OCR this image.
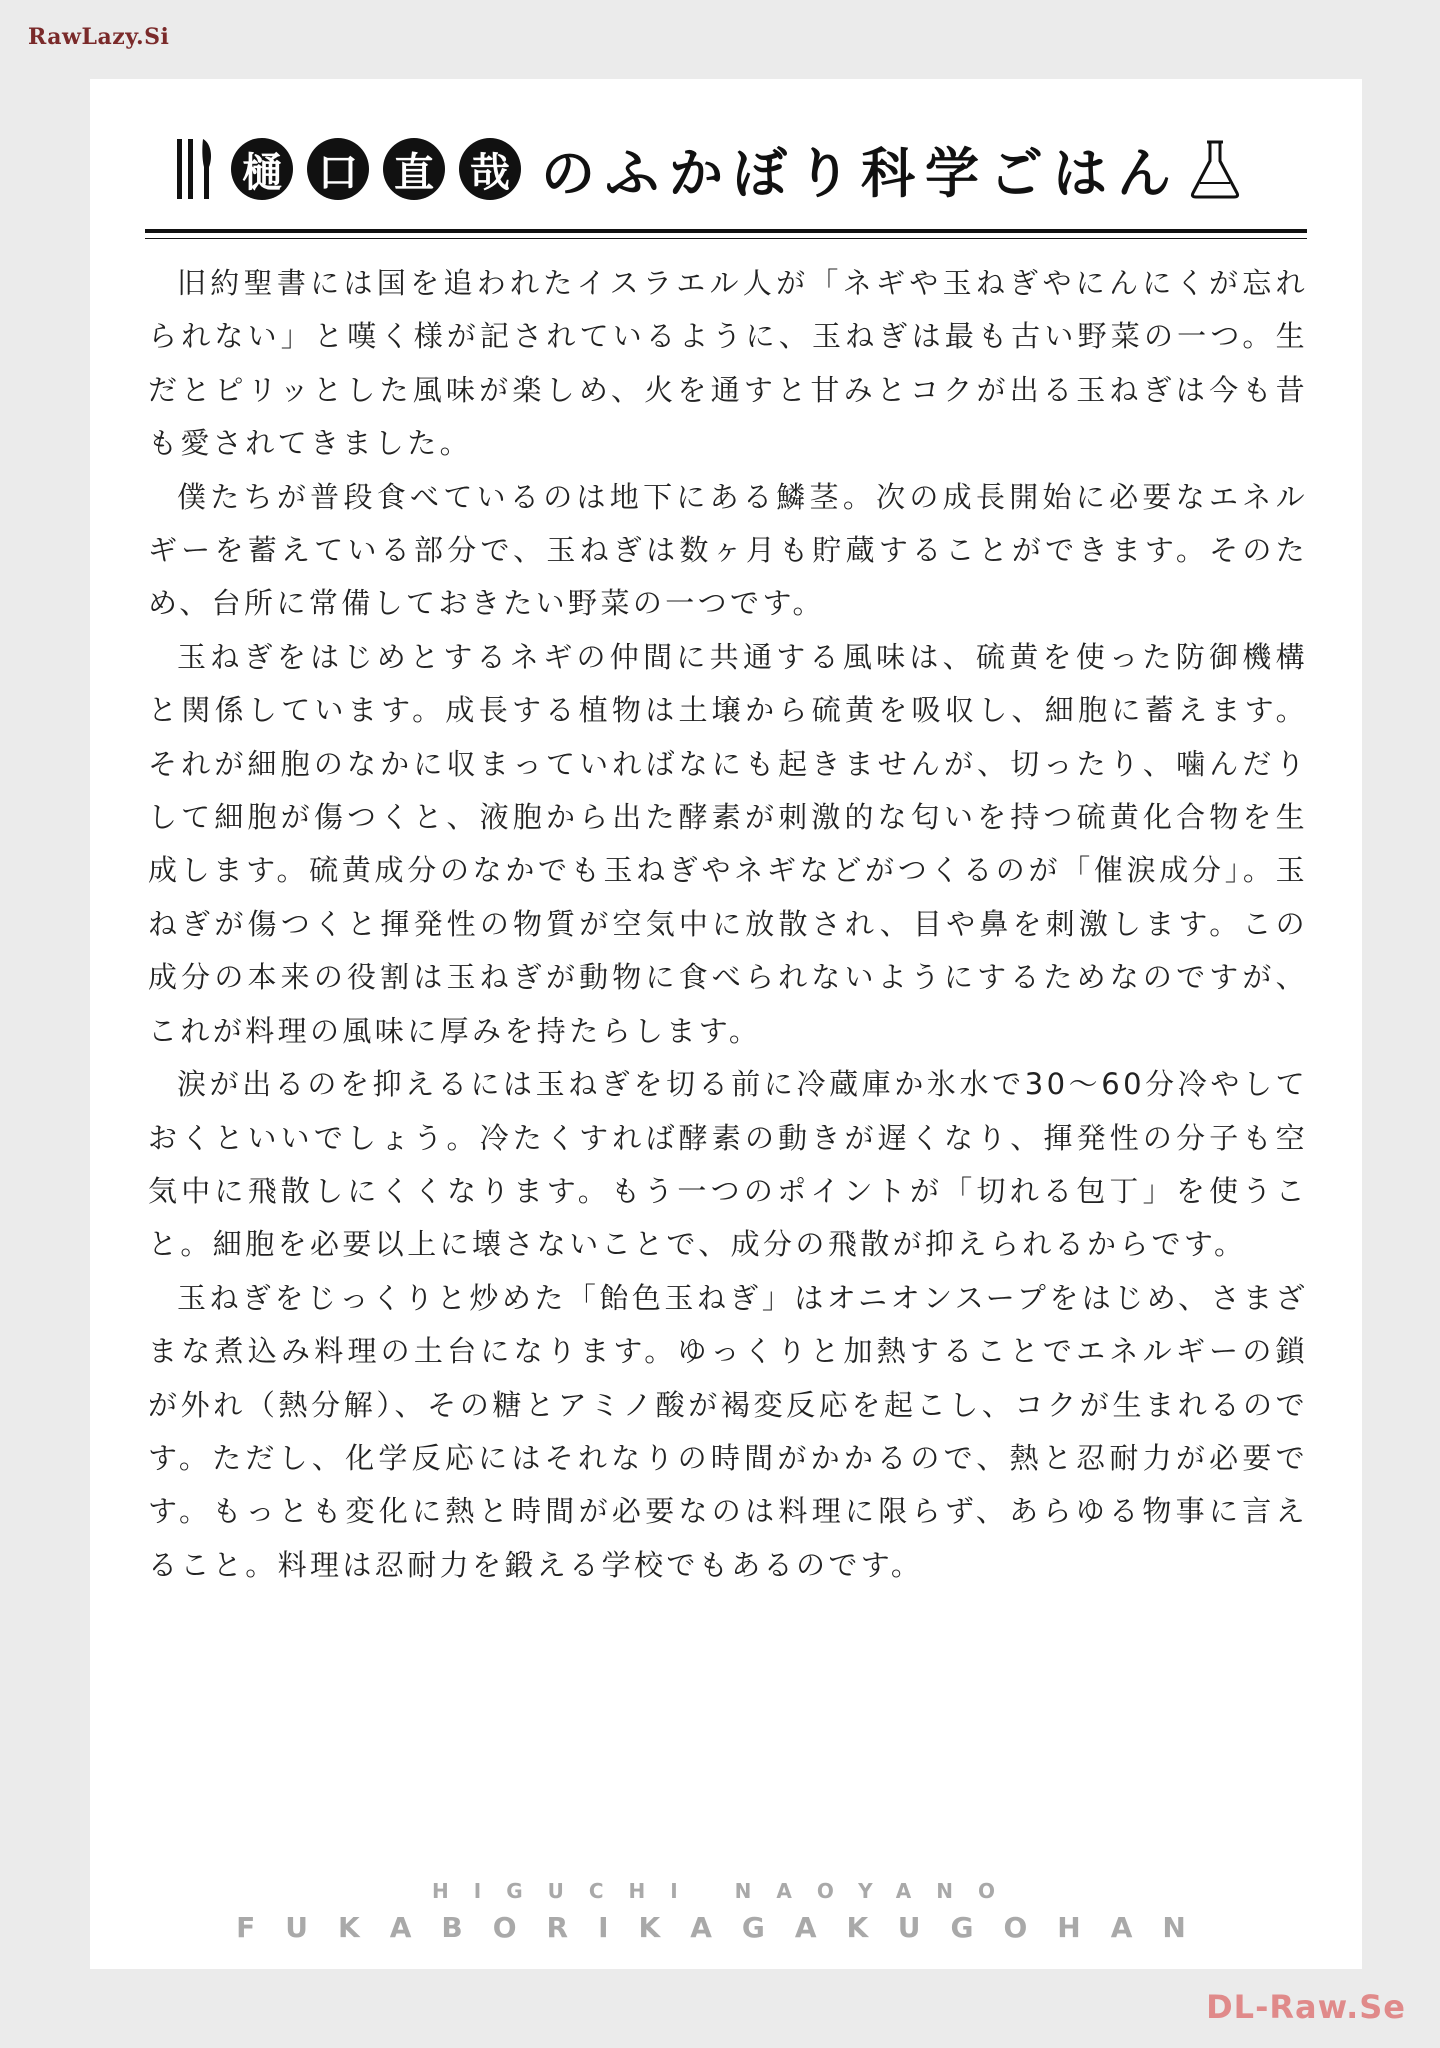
RawLazy.Si
樋 口 直 哉 のふかぼり科学ごはん

旧約聖書には国を追われたイスラエル人が「ネギや玉ねぎやにんにくが忘れられない」と嘆く様が記されているように、玉ねぎは最も古い野菜の一つ。生だとピリッとした風味が楽しめ、火を通すと甘みとコクが出る玉ねぎは今も昔も愛されてきました。

僕たちが普段食べているのは地下にある鱗茎。次の成長開始に必要なエネルギーを蓄えている部分で、玉ねぎは数ヶ月も貯蔵することができます。そのため、台所に常備しておきたい野菜の一つです。

玉ねぎをはじめとするネギの仲間に共通する風味は、硫黄を使った防御機構と関係しています。成長する植物は土壌から硫黄を吸収し、細胞に蓄えます。それが細胞のなかに収まっていればなにも起きませんが、切ったり、噛んだりして細胞が傷つくと、液胞から出た酵素が刺激的な匂いを持つ硫黄化合物を生成します。硫黄成分のなかでも玉ねぎやネギなどがつくるのが「催涙成分」。玉ねぎが傷つくと揮発性の物質が空気中に放散され、目や鼻を刺激します。この成分の本来の役割は玉ねぎが動物に食べられないようにするためなのですが、これが料理の風味に厚みを持たらします。

涙が出るのを抑えるには玉ねぎを切る前に冷蔵庫か氷水で30～60分冷やしておくといいでしょう。冷たくすれば酵素の動きが遅くなり、揮発性の分子も空気中に飛散しにくくなります。もう一つのポイントが「切れる包丁」を使うこと。細胞を必要以上に壊さないことで、成分の飛散が抑えられるからです。

玉ねぎをじっくりと炒めた「飴色玉ねぎ」はオニオンスープをはじめ、さまざまな煮込み料理の土台になります。ゆっくりと加熱することでエネルギーの鎖が外れ（熱分解）、その糖とアミノ酸が褐変反応を起こし、コクが生まれるのです。ただし、化学反応にはそれなりの時間がかかるので、熱と忍耐力が必要です。もっとも変化に熱と時間が必要なのは料理に限らず、あらゆる物事に言えること。料理は忍耐力を鍛える学校でもあるのです。

HIGUCHI NAOYANO
FUKABORIKAGAKUGOHAN
DL-Raw.Se
